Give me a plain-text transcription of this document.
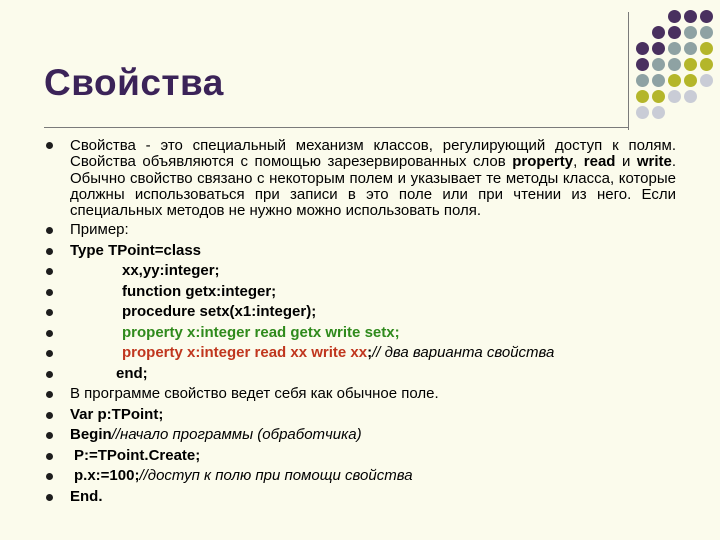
Свойства
Свойства - это специальный механизм классов, регулирующий доступ к полям. Свойства объявляются с помощью зарезервированных слов property, read и write. Обычно свойство связано с некоторым полем и указывает те методы класса, которые должны использоваться при записи в это поле или при чтении из него. Если специальных методов не нужно можно использовать поля.
Пример:
Type TPoint=class
xx,yy:integer;
function getx:integer;
procedure setx(x1:integer);
property x:integer read getx write setx;
property x:integer read xx write xx;// два варианта свойства
end;
В программе свойство ведет себя как обычное поле.
Var p:TPoint;
Begin//начало программы (обработчика)
P:=TPoint.Create;
p.x:=100;//доступ к полю при помощи свойства
End.
